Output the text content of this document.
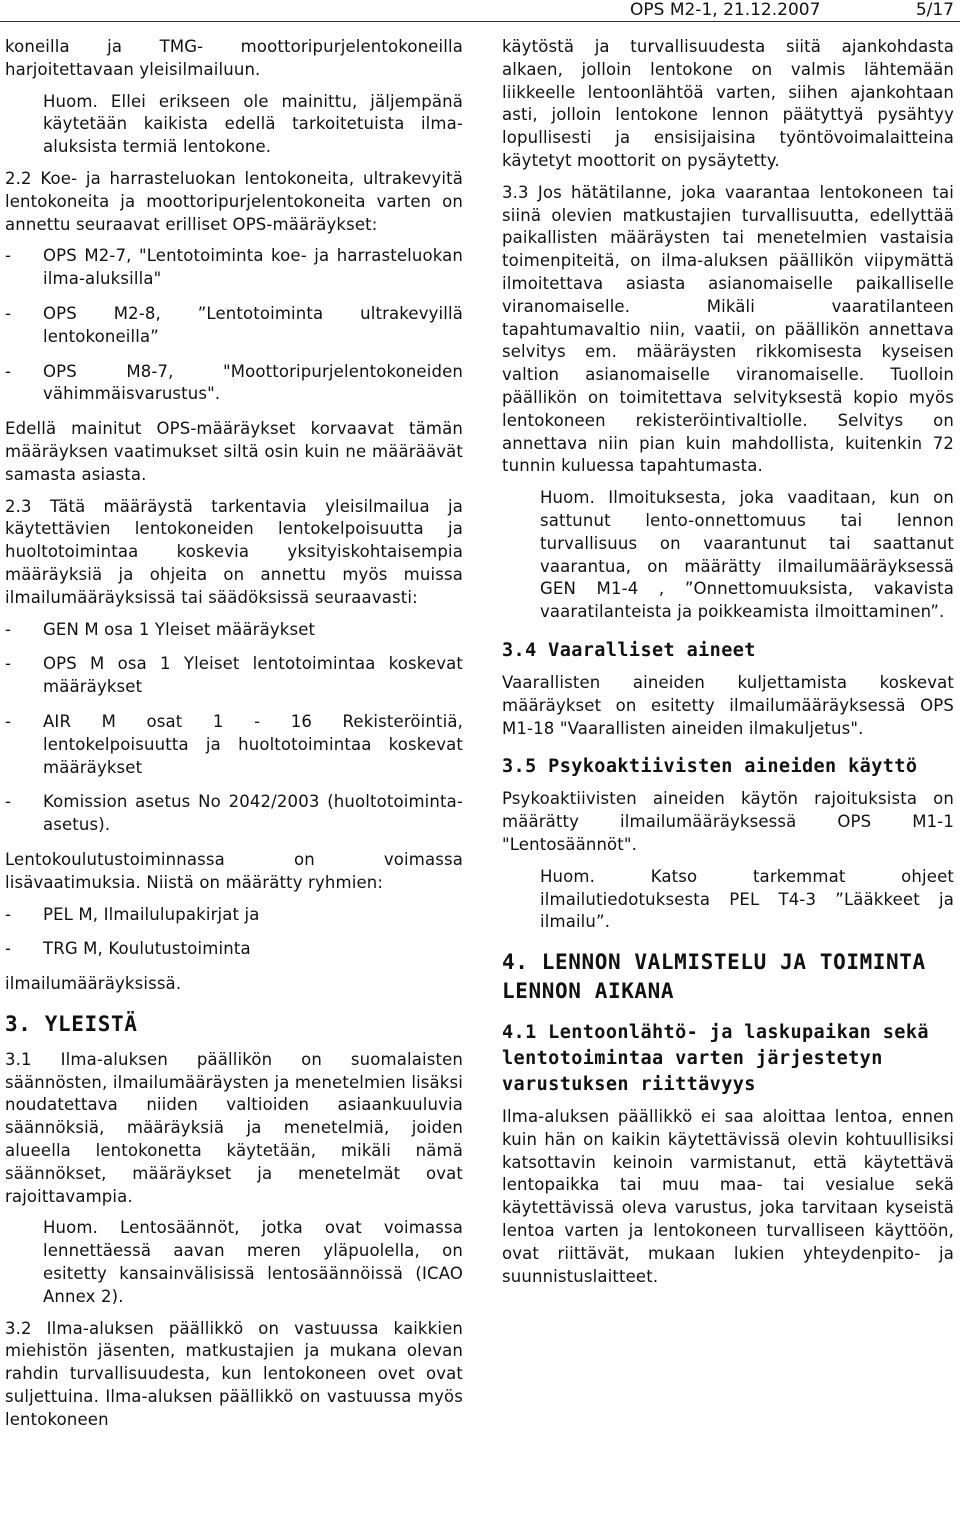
OPS M2-1, 21.12.2007	5/17

koneilla ja TMG- moottoripurjelentokoneilla harjoitettavaan yleisilmailuun.

Huom. Ellei erikseen ole mainittu, jäljempänä käytetään kaikista edellä tarkoitetuista ilma-aluksista termiä lentokone.

2.2 Koe- ja harrasteluokan lentokoneita, ultrakevyitä lentokoneita ja moottoripurjelentokoneita varten on annettu seuraavat erilliset OPS-määräykset:

-	OPS M2-7, "Lentotoiminta koe- ja harrasteluokan ilma-aluksilla"
-	OPS M2-8, ”Lentotoiminta ultrakevyillä lentokoneilla”
-	OPS M8-7, "Moottoripurjelentokoneiden vähimmäisvarustus".

Edellä mainitut OPS-määräykset korvaavat tämän määräyksen vaatimukset siltä osin kuin ne määräävät samasta asiasta.

2.3 Tätä määräystä tarkentavia yleisilmailua ja käytettävien lentokoneiden lentokelpoisuutta ja huoltotoimintaa koskevia yksityiskohtaisempia määräyksiä ja ohjeita on annettu myös muissa ilmailumääräyksissä tai säädöksissä seuraavasti:

-	GEN M osa 1 Yleiset määräykset
-	OPS M osa 1 Yleiset lentotoimintaa koskevat määräykset
-	AIR M osat 1 - 16 Rekisteröintiä, lentokelpoisuutta ja huoltotoimintaa koskevat määräykset
-	Komission asetus No 2042/2003 (huoltotoiminta-asetus).

Lentokoulutustoiminnassa on voimassa lisävaatimuksia. Niistä on määrätty ryhmien:

-	PEL M, Ilmailulupakirjat ja
-	TRG M, Koulutustoiminta

ilmailumääräyksissä.

3. YLEISTÄ

3.1 Ilma-aluksen päällikön on suomalaisten säännösten, ilmailumääräysten ja menetelmien lisäksi noudatettava niiden valtioiden asiaankuuluvia säännöksiä, määräyksiä ja menetelmiä, joiden alueella lentokonetta käytetään, mikäli nämä säännökset, määräykset ja menetelmät ovat rajoittavampia.

Huom. Lentosäännöt, jotka ovat voimassa lennettäessä aavan meren yläpuolella, on esitetty kansainvälisissä lentosäännöissä (ICAO Annex 2).

3.2 Ilma-aluksen päällikkö on vastuussa kaikkien miehistön jäsenten, matkustajien ja mukana olevan rahdin turvallisuudesta, kun lentokoneen ovet ovat suljettuina. Ilma-aluksen päällikkö on vastuussa myös lentokoneen

käytöstä ja turvallisuudesta siitä ajankohdasta alkaen, jolloin lentokone on valmis lähtemään liikkeelle lentoonlähtöä varten, siihen ajankohtaan asti, jolloin lentokone lennon päätyttyä pysähtyy lopullisesti ja ensisijaisina työntövoimalaitteina käytetyt moottorit on pysäytetty.

3.3 Jos hätätilanne, joka vaarantaa lentokoneen tai siinä olevien matkustajien turvallisuutta, edellyttää paikallisten määräysten tai menetelmien vastaisia toimenpiteitä, on ilma-aluksen päällikön viipymättä ilmoitettava asiasta asianomaiselle paikalliselle viranomaiselle. Mikäli vaaratilanteen tapahtumavaltio niin, vaatii, on päällikön annettava selvitys em. määräysten rikkomisesta kyseisen valtion asianomaiselle viranomaiselle. Tuolloin päällikön on toimitettava selvityksestä kopio myös lentokoneen rekisteröintivaltiolle. Selvitys on annettava niin pian kuin mahdollista, kuitenkin 72 tunnin kuluessa tapahtumasta.

Huom. Ilmoituksesta, joka vaaditaan, kun on sattunut lento-onnettomuus tai lennon turvallisuus on vaarantunut tai saattanut vaarantua, on määrätty ilmailumääräyksessä GEN M1-4 , ”Onnettomuuksista, vakavista vaaratilanteista ja poikkeamista ilmoittaminen”.

3.4 Vaaralliset aineet

Vaarallisten aineiden kuljettamista koskevat määräykset on esitetty ilmailumääräyksessä OPS M1-18 "Vaarallisten aineiden ilmakuljetus".

3.5 Psykoaktiivisten aineiden käyttö

Psykoaktiivisten aineiden käytön rajoituksista on määrätty ilmailumääräyksessä OPS M1-1 "Lentosäännöt".

Huom. Katso tarkemmat ohjeet ilmailutiedotuksesta PEL T4-3 ”Lääkkeet ja ilmailu”.

4. LENNON VALMISTELU JA TOIMINTA LENNON AIKANA
4.1 Lentoonlähtö- ja laskupaikan sekä lentotoimintaa varten järjestetyn varustuksen riittävyys

Ilma-aluksen päällikkö ei saa aloittaa lentoa, ennen kuin hän on kaikin käytettävissä olevin kohtuullisiksi katsottavin keinoin varmistanut, että käytettävä lentopaikka tai muu maa- tai vesialue sekä käytettävissä oleva varustus, joka tarvitaan kyseistä lentoa varten ja lentokoneen turvalliseen käyttöön, ovat riittävät, mukaan lukien yhteydenpito- ja suunnistuslaitteet.
